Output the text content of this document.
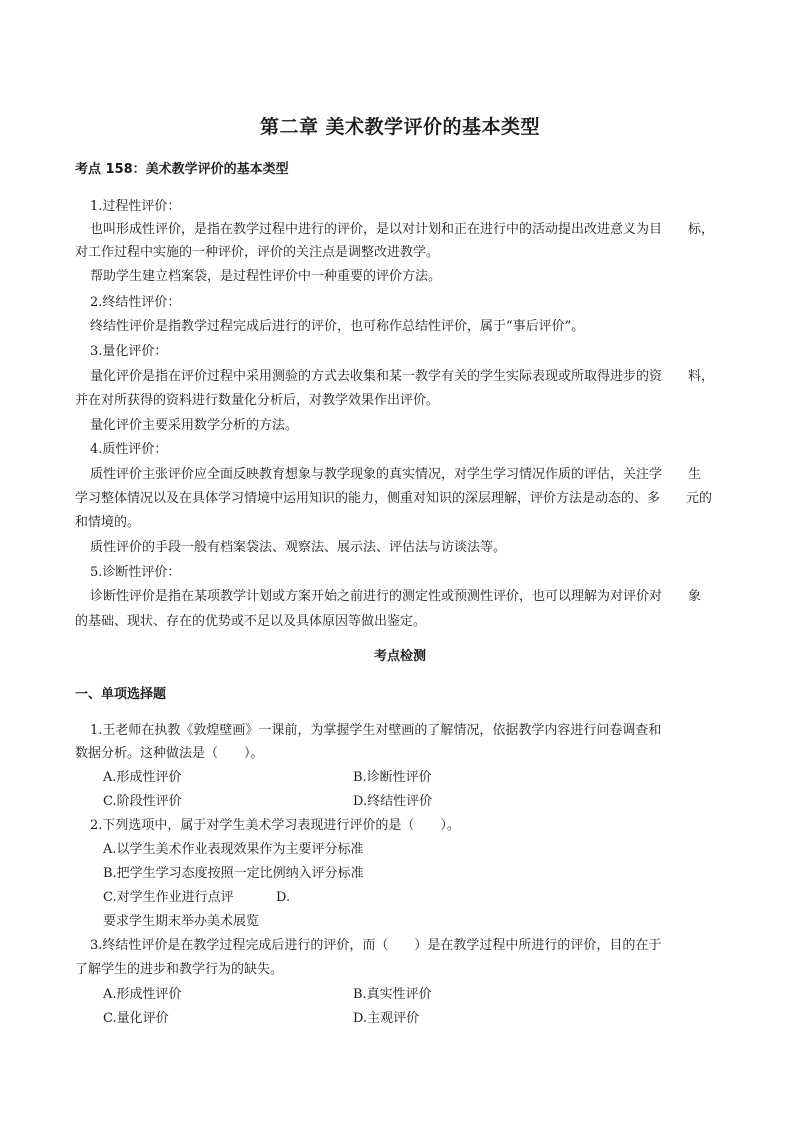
第二章 美术教学评价的基本类型
考点 158：美术教学评价的基本类型
1.过程性评价：
也叫形成性评价，是指在教学过程中进行的评价，是以对计划和正在进行中的活动提出改进意义为目　　标，
对工作过程中实施的一种评价，评价的关注点是调整改进教学。
帮助学生建立档案袋，是过程性评价中一种重要的评价方法。
2.终结性评价：
终结性评价是指教学过程完成后进行的评价，也可称作总结性评价，属于“事后评价”。
3.量化评价：
量化评价是指在评价过程中采用测验的方式去收集和某一教学有关的学生实际表现或所取得进步的资　　料，
并在对所获得的资料进行数量化分析后，对教学效果作出评价。
量化评价主要采用数学分析的方法。
4.质性评价：
质性评价主张评价应全面反映教育想象与教学现象的真实情况，对学生学习情况作质的评估，关注学　　生
学习整体情况以及在具体学习情境中运用知识的能力，侧重对知识的深层理解，评价方法是动态的、多　　元的
和情境的。
质性评价的手段一般有档案袋法、观察法、展示法、评估法与访谈法等。
5.诊断性评价：
诊断性评价是指在某项教学计划或方案开始之前进行的测定性或预测性评价，也可以理解为对评价对　　象
的基础、现状、存在的优势或不足以及具体原因等做出鉴定。
考点检测
一、单项选择题
1.王老师在执教《敦煌壁画》一课前，为掌握学生对壁画的了解情况，依据教学内容进行问卷调查和
数据分析。这种做法是（　　）。
A.形成性评价	B.诊断性评价
C.阶段性评价	D.终结性评价
2.下列选项中，属于对学生美术学习表现进行评价的是（　　）。
A.以学生美术作业表现效果作为主要评分标准
B.把学生学习态度按照一定比例纳入评分标准
C.对学生作业进行点评	D.
要求学生期末举办美术展览
3.终结性评价是在教学过程完成后进行的评价，而（　　）是在教学过程中所进行的评价，目的在于
了解学生的进步和教学行为的缺失。
A.形成性评价	B.真实性评价
C.量化评价	D.主观评价
